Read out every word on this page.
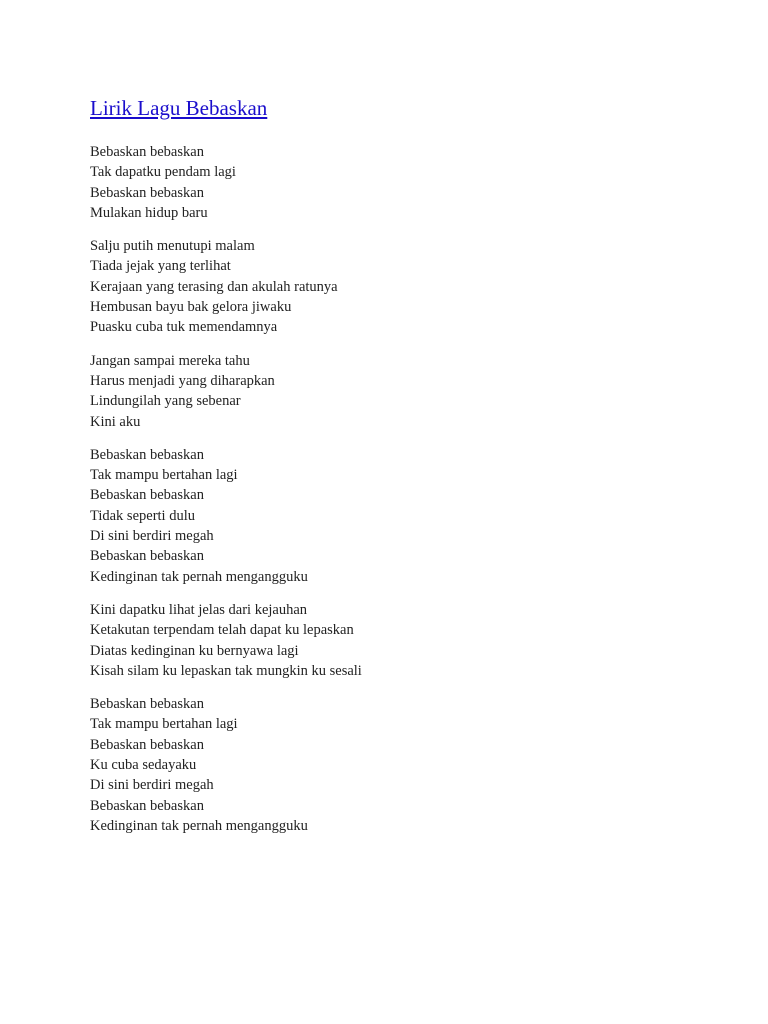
Lirik Lagu Bebaskan

Bebaskan bebaskan
Tak dapatku pendam lagi
Bebaskan bebaskan
Mulakan hidup baru

Salju putih menutupi malam
Tiada jejak yang terlihat
Kerajaan yang terasing dan akulah ratunya
Hembusan bayu bak gelora jiwaku
Puasku cuba tuk memendamnya

Jangan sampai mereka tahu
Harus menjadi yang diharapkan
Lindungilah yang sebenar
Kini aku

Bebaskan bebaskan
Tak mampu bertahan lagi
Bebaskan bebaskan
Tidak seperti dulu
Di sini berdiri megah
Bebaskan bebaskan
Kedinginan tak pernah mengangguku

Kini dapatku lihat jelas dari kejauhan
Ketakutan terpendam telah dapat ku lepaskan
Diatas kedinginan ku bernyawa lagi
Kisah silam ku lepaskan tak mungkin ku sesali

Bebaskan bebaskan
Tak mampu bertahan lagi
Bebaskan bebaskan
Ku cuba sedayaku
Di sini berdiri megah
Bebaskan bebaskan
Kedinginan tak pernah mengangguku
